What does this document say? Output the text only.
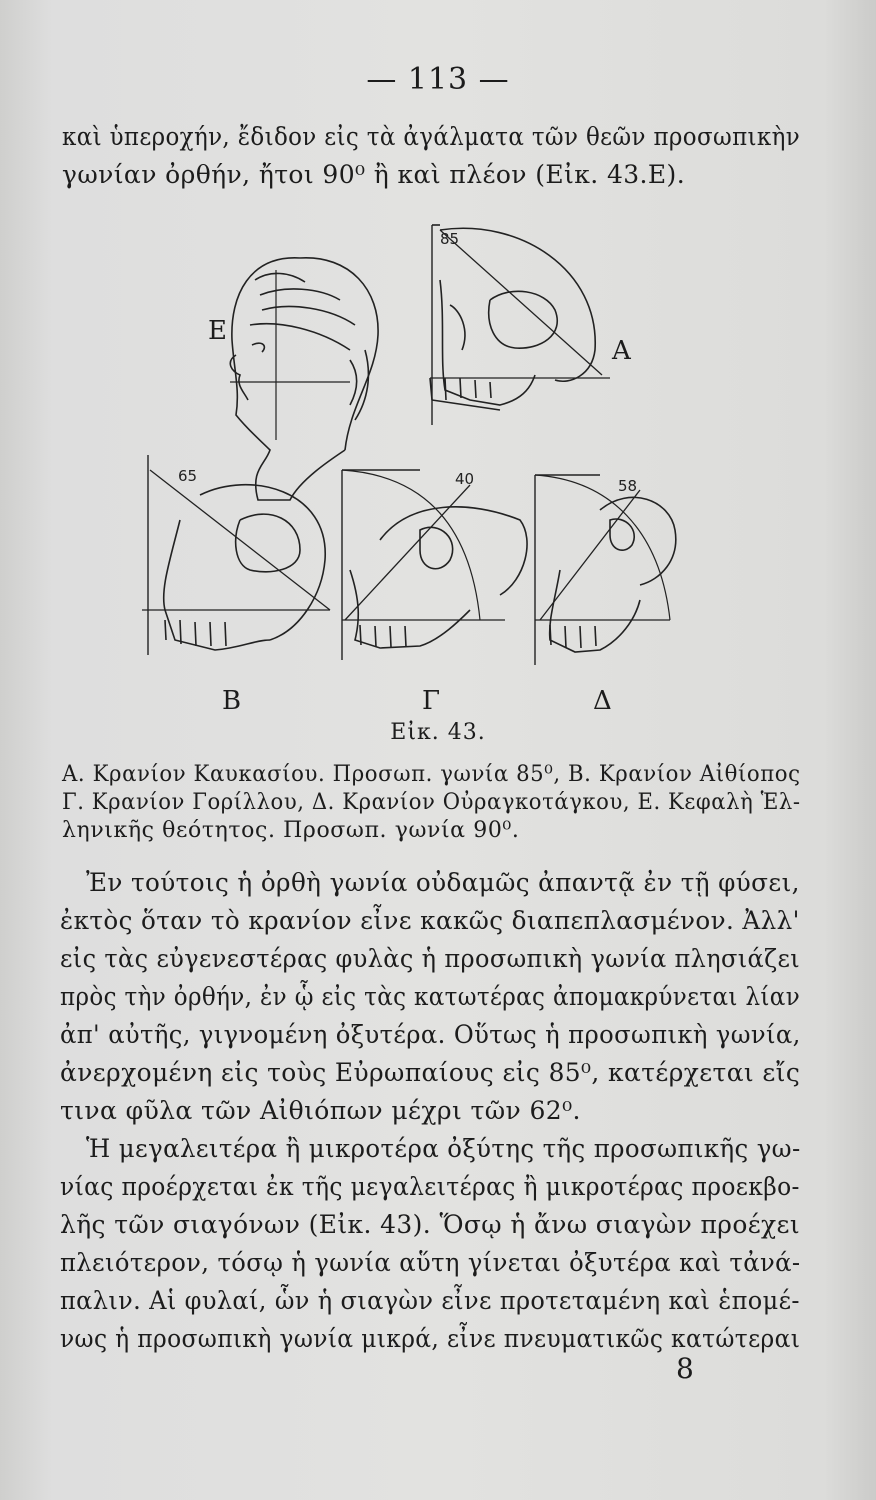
— 113 —
καὶ ὑπεροχήν, ἔδιδον εἰς τὰ ἀγάλματα τῶν θεῶν προσωπικὴν
γωνίαν ὀρθήν, ἤτοι 90⁰ ἢ καὶ πλέον (Εἰκ. 43.Ε).
85
65	40	58
Ε
Α
Β	Γ	Δ
Εἰκ. 43.
Α. Κρανίον Καυκασίου. Προσωπ. γωνία 85⁰, Β. Κρανίον Αἰθίοπος
Γ. Κρανίον Γορίλλου, Δ. Κρανίον Οὐραγκοτάγκου, Ε. Κεφαλὴ Ἑλ-
ληνικῆς θεότητος. Προσωπ. γωνία 90⁰.
Ἐν τούτοις ἡ ὀρθὴ γωνία οὐδαμῶς ἀπαντᾷ ἐν τῇ φύσει,
ἐκτὸς ὅταν τὸ κρανίον εἶνε κακῶς διαπεπλασμένον. Ἀλλ'
εἰς τὰς εὐγενεστέρας φυλὰς ἡ προσωπικὴ γωνία πλησιάζει
πρὸς τὴν ὀρθήν, ἐν ᾧ εἰς τὰς κατωτέρας ἀπομακρύνεται λίαν
ἀπ' αὐτῆς, γιγνομένη ὀξυτέρα. Οὕτως ἡ προσωπικὴ γωνία,
ἀνερχομένη εἰς τοὺς Εὐρωπαίους εἰς 85⁰, κατέρχεται εἴς
τινα φῦλα τῶν Αἰθιόπων μέχρι τῶν 62⁰.
Ἡ μεγαλειτέρα ἢ μικροτέρα ὀξύτης τῆς προσωπικῆς γω-
νίας προέρχεται ἐκ τῆς μεγαλειτέρας ἢ μικροτέρας προεκβο-
λῆς τῶν σιαγόνων (Εἰκ. 43). Ὅσῳ ἡ ἄνω σιαγὼν προέχει
πλειότερον, τόσῳ ἡ γωνία αὕτη γίνεται ὀξυτέρα καὶ τἀνά-
παλιν. Αἱ φυλαί, ὧν ἡ σιαγὼν εἶνε προτεταμένη καὶ ἑπομέ-
νως ἡ προσωπικὴ γωνία μικρά, εἶνε πνευματικῶς κατώτεραι
8
